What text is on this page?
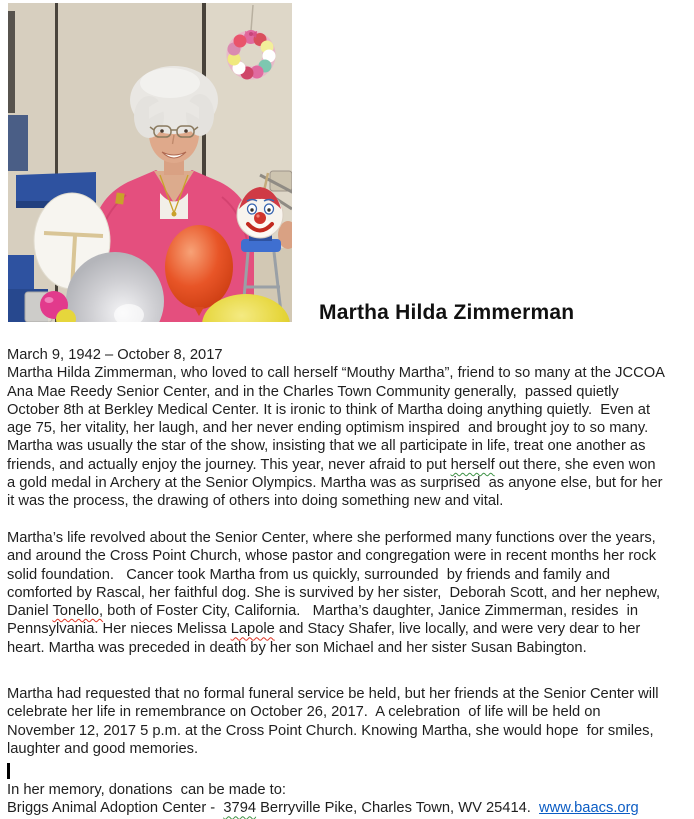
Martha Hilda Zimmerman
March 9, 1942 – October 8, 2017
Martha Hilda Zimmerman, who loved to call herself “Mouthy Martha”, friend to so many at the JCCOA
Ana Mae Reedy Senior Center, and in the Charles Town Community generally,  passed quietly
October 8th at Berkley Medical Center. It is ironic to think of Martha doing anything quietly.  Even at
age 75, her vitality, her laugh, and her never ending optimism inspired  and brought joy to so many.
Martha was usually the star of the show, insisting that we all participate in life, treat one another as
friends, and actually enjoy the journey. This year, never afraid to put herself out there, she even won
a gold medal in Archery at the Senior Olympics. Martha was as surprised  as anyone else, but for her
it was the process, the drawing of others into doing something new and vital.
Martha’s life revolved about the Senior Center, where she performed many functions over the years,
and around the Cross Point Church, whose pastor and congregation were in recent months her rock
solid foundation.   Cancer took Martha from us quickly, surrounded  by friends and family and
comforted by Rascal, her faithful dog. She is survived by her sister,  Deborah Scott, and her nephew,
Daniel Tonello, both of Foster City, California.   Martha’s daughter, Janice Zimmerman, resides  in
Pennsylvania. Her nieces Melissa Lapole and Stacy Shafer, live locally, and were very dear to her
heart. Martha was preceded in death by her son Michael and her sister Susan Babington.
Martha had requested that no formal funeral service be held, but her friends at the Senior Center will
celebrate her life in remembrance on October 26, 2017.  A celebration  of life will be held on
November 12, 2017 5 p.m. at the Cross Point Church. Knowing Martha, she would hope  for smiles,
laughter and good memories.
In her memory, donations  can be made to:
Briggs Animal Adoption Center -  3794 Berryville Pike, Charles Town, WV 25414.  www.baacs.org
